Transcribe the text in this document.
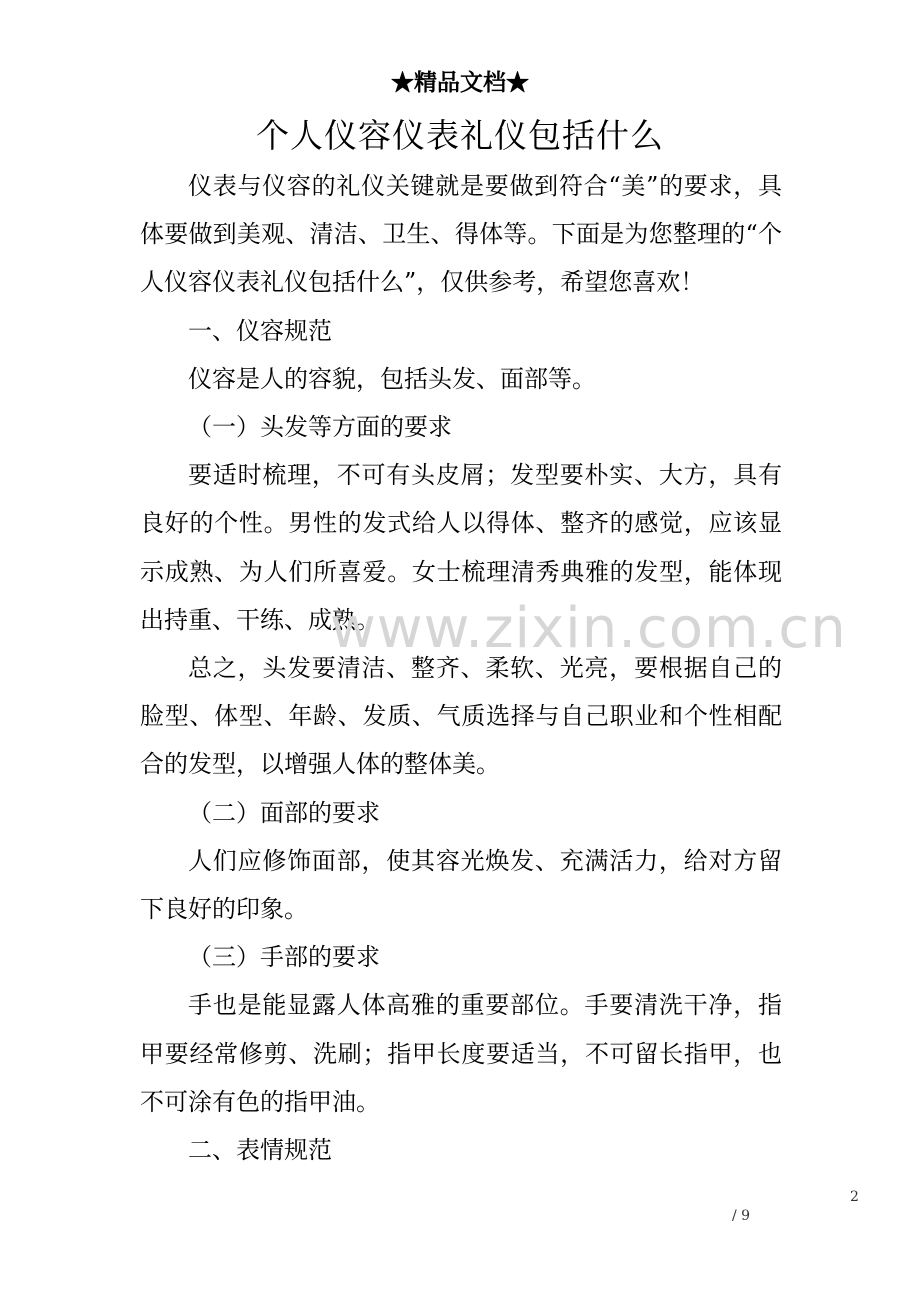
★精品文档★
个人仪容仪表礼仪包括什么

仪表与仪容的礼仪关键就是要做到符合“美”的要求，具体要做到美观、清洁、卫生、得体等。下面是为您整理的“个人仪容仪表礼仪包括什么”，仅供参考，希望您喜欢！

一、仪容规范

仪容是人的容貌，包括头发、面部等。

（一）头发等方面的要求

要适时梳理，不可有头皮屑；发型要朴实、大方，具有良好的个性。男性的发式给人以得体、整齐的感觉，应该显示成熟、为人们所喜爱。女士梳理清秀典雅的发型，能体现出持重、干练、成熟。

总之，头发要清洁、整齐、柔软、光亮，要根据自己的脸型、体型、年龄、发质、气质选择与自己职业和个性相配合的发型，以增强人体的整体美。

（二）面部的要求

人们应修饰面部，使其容光焕发、充满活力，给对方留下良好的印象。

（三）手部的要求

手也是能显露人体高雅的重要部位。手要清洗干净，指甲要经常修剪、洗刷；指甲长度要适当，不可留长指甲，也不可涂有色的指甲油。

二、表情规范

www.zixin.com.cn
2
/ 9
